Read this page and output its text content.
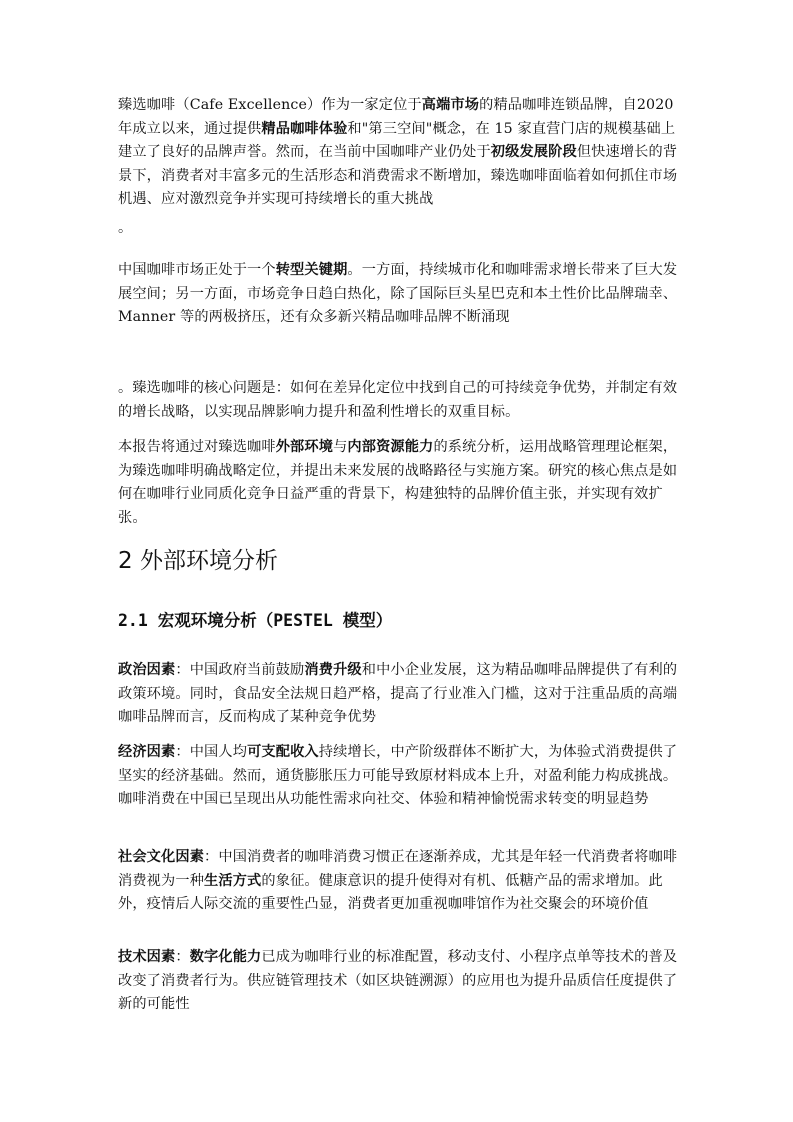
臻选咖啡（Cafe Excellence）作为一家定位于高端市场的精品咖啡连锁品牌，自2020年成立以来，通过提供精品咖啡体验和"第三空间"概念，在 15 家直营门店的规模基础上建立了良好的品牌声誉。然而，在当前中国咖啡产业仍处于初级发展阶段但快速增长的背景下，消费者对丰富多元的生活形态和消费需求不断增加，臻选咖啡面临着如何抓住市场机遇、应对激烈竞争并实现可持续增长的重大挑战

。

中国咖啡市场正处于一个转型关键期。一方面，持续城市化和咖啡需求增长带来了巨大发展空间；另一方面，市场竞争日趋白热化，除了国际巨头星巴克和本土性价比品牌瑞幸、Manner 等的两极挤压，还有众多新兴精品咖啡品牌不断涌现

。臻选咖啡的核心问题是：如何在差异化定位中找到自己的可持续竞争优势，并制定有效的增长战略，以实现品牌影响力提升和盈利性增长的双重目标。

本报告将通过对臻选咖啡外部环境与内部资源能力的系统分析，运用战略管理理论框架，为臻选咖啡明确战略定位，并提出未来发展的战略路径与实施方案。研究的核心焦点是如何在咖啡行业同质化竞争日益严重的背景下，构建独特的品牌价值主张，并实现有效扩张。

2 外部环境分析
2.1 宏观环境分析（PESTEL 模型）

政治因素：中国政府当前鼓励消费升级和中小企业发展，这为精品咖啡品牌提供了有利的政策环境。同时，食品安全法规日趋严格，提高了行业准入门槛，这对于注重品质的高端咖啡品牌而言，反而构成了某种竞争优势

经济因素：中国人均可支配收入持续增长，中产阶级群体不断扩大，为体验式消费提供了坚实的经济基础。然而，通货膨胀压力可能导致原材料成本上升，对盈利能力构成挑战。咖啡消费在中国已呈现出从功能性需求向社交、体验和精神愉悦需求转变的明显趋势

社会文化因素：中国消费者的咖啡消费习惯正在逐渐养成，尤其是年轻一代消费者将咖啡消费视为一种生活方式的象征。健康意识的提升使得对有机、低糖产品的需求增加。此外，疫情后人际交流的重要性凸显，消费者更加重视咖啡馆作为社交聚会的环境价值

技术因素：数字化能力已成为咖啡行业的标准配置，移动支付、小程序点单等技术的普及改变了消费者行为。供应链管理技术（如区块链溯源）的应用也为提升品质信任度提供了新的可能性
